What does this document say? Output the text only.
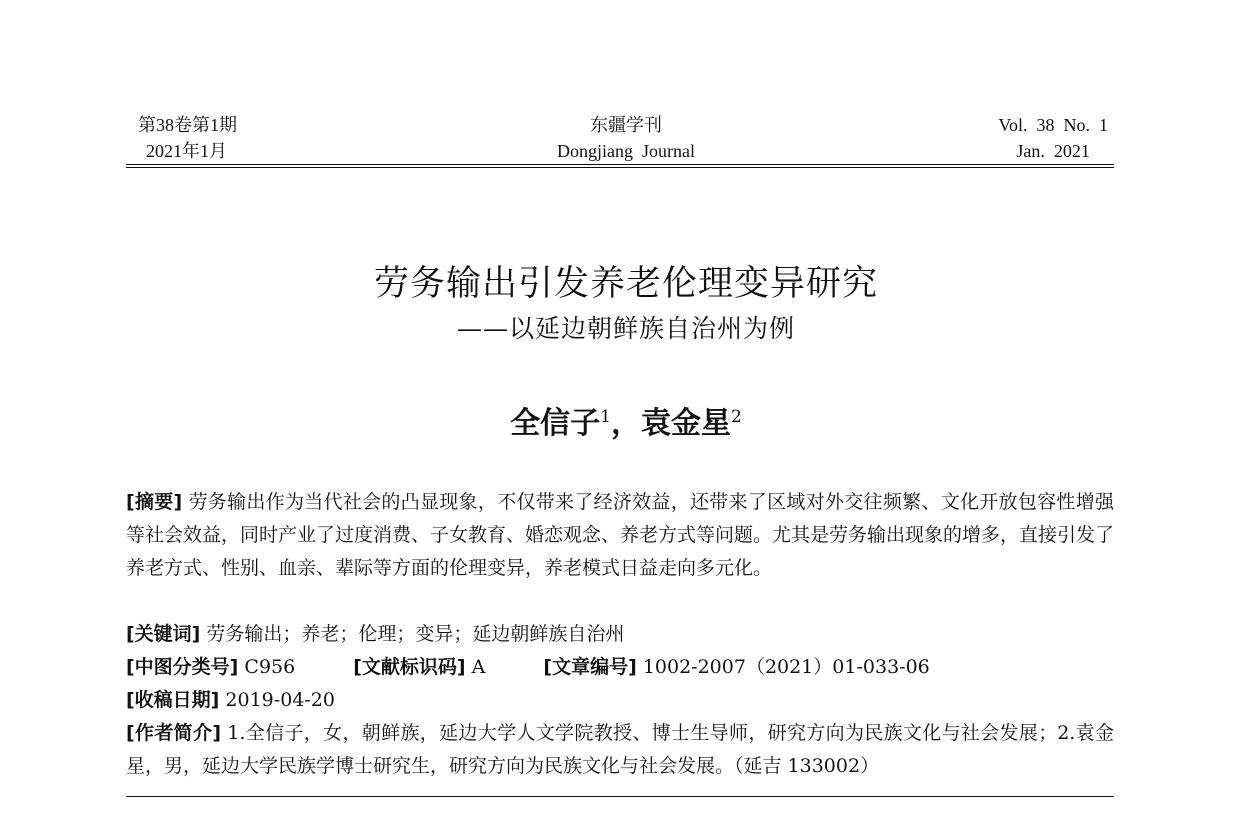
第38卷第1期
2021年1月
东疆学刊
Dongjiang  Journal
Vol.  38  No.  1
Jan.  2021
劳务输出引发养老伦理变异研究
——以延边朝鲜族自治州为例
全信子$^1$，袁金星$^2$
[摘要] 劳务输出作为当代社会的凸显现象，不仅带来了经济效益，还带来了区域对外交往频繁、文化开放包容性增强等社会效益，同时产业了过度消费、子女教育、婚恋观念、养老方式等问题。尤其是劳务输出现象的增多，直接引发了养老方式、性别、血亲、辈际等方面的伦理变异，养老模式日益走向多元化。
[关键词] 劳务输出；养老；伦理；变异；延边朝鲜族自治州
[中图分类号] C956	[文献标识码] A	[文章编号] 1002-2007（2021）01-033-06
[收稿日期] 2019-04-20
[作者简介] 1.全信子，女，朝鲜族，延边大学人文学院教授、博士生导师，研究方向为民族文化与社会发展；2.袁金星，男，延边大学民族学博士研究生，研究方向为民族文化与社会发展。（延吉 133002）
